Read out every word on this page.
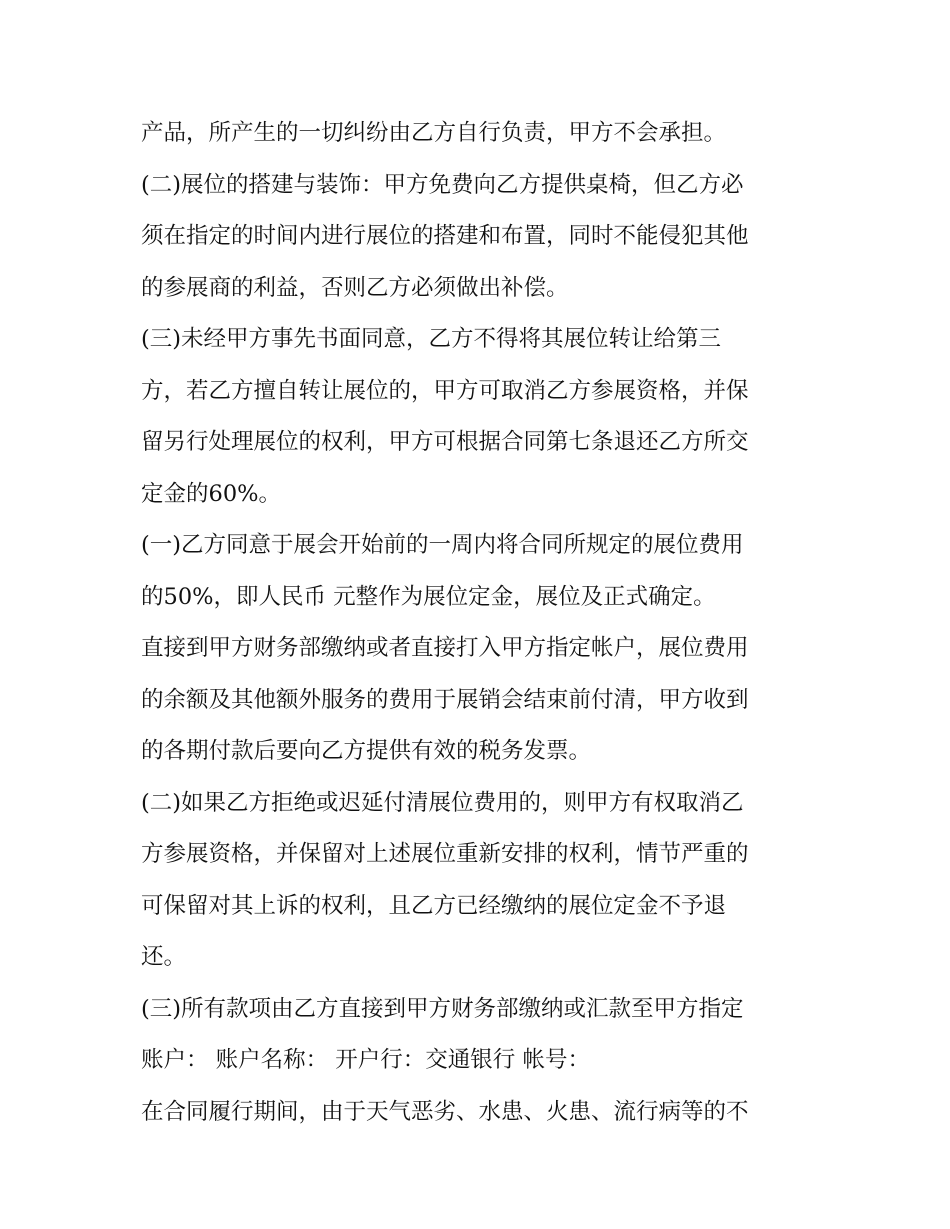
产品，所产生的一切纠纷由乙方自行负责，甲方不会承担。
(二)展位的搭建与装饰：甲方免费向乙方提供桌椅，但乙方必
须在指定的时间内进行展位的搭建和布置，同时不能侵犯其他
的参展商的利益，否则乙方必须做出补偿。
(三)未经甲方事先书面同意，乙方不得将其展位转让给第三
方，若乙方擅自转让展位的，甲方可取消乙方参展资格，并保
留另行处理展位的权利，甲方可根据合同第七条退还乙方所交
定金的60%。
(一)乙方同意于展会开始前的一周内将合同所规定的展位费用
的50%，即人民币 元整作为展位定金，展位及正式确定。
直接到甲方财务部缴纳或者直接打入甲方指定帐户，展位费用
的余额及其他额外服务的费用于展销会结束前付清，甲方收到
的各期付款后要向乙方提供有效的税务发票。
(二)如果乙方拒绝或迟延付清展位费用的，则甲方有权取消乙
方参展资格，并保留对上述展位重新安排的权利，情节严重的
可保留对其上诉的权利，且乙方已经缴纳的展位定金不予退
还。
(三)所有款项由乙方直接到甲方财务部缴纳或汇款至甲方指定
账户： 账户名称： 开户行：交通银行 帐号：
在合同履行期间，由于天气恶劣、水患、火患、流行病等的不
